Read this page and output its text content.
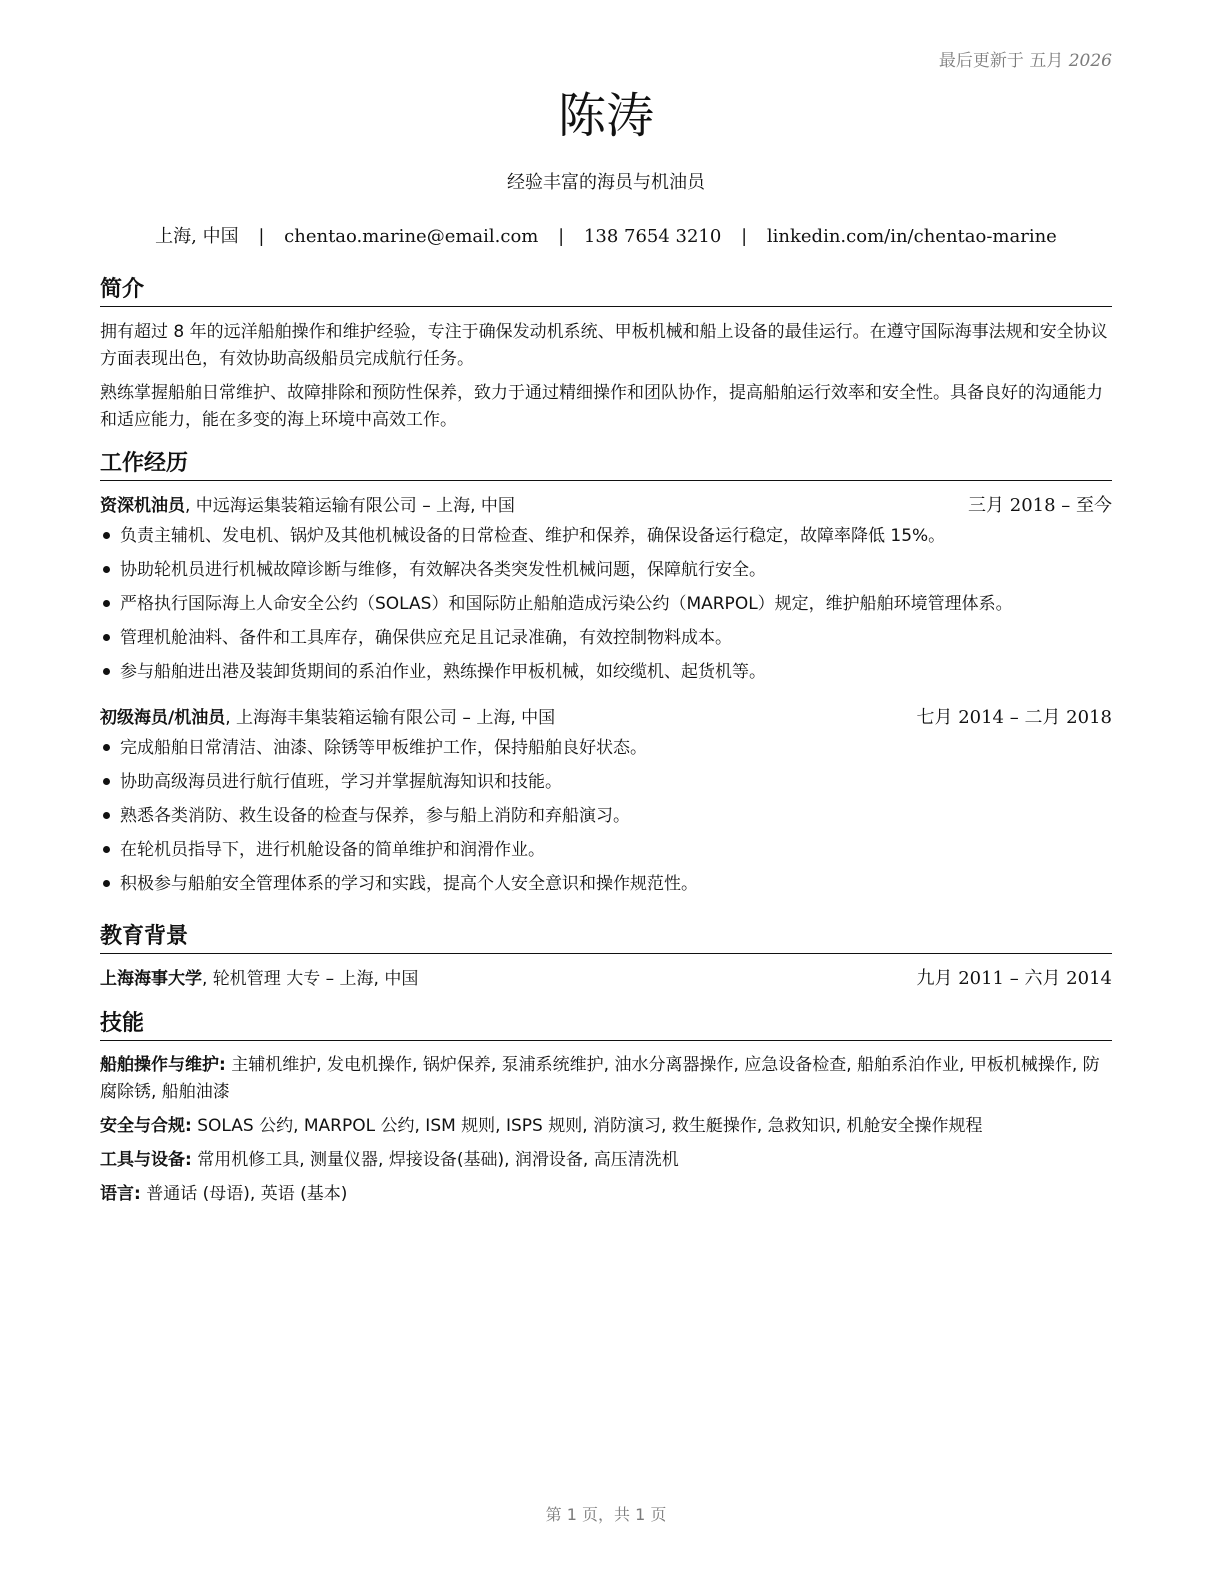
最后更新于 五月 2026
陈涛
经验丰富的海员与机油员
上海, 中国 | chentao.marine@email.com | 138 7654 3210 | linkedin.com/in/chentao-marine
简介

拥有超过 8 年的远洋船舶操作和维护经验，专注于确保发动机系统、甲板机械和船上设备的最佳运行。在遵守国际海事法规和安全协议方面表现出色，有效协助高级船员完成航行任务。

熟练掌握船舶日常维护、故障排除和预防性保养，致力于通过精细操作和团队协作，提高船舶运行效率和安全性。具备良好的沟通能力和适应能力，能在多变的海上环境中高效工作。

工作经历
资深机油员, 中远海运集装箱运输有限公司 – 上海, 中国	三月 2018 – 至今
负责主辅机、发电机、锅炉及其他机械设备的日常检查、维护和保养，确保设备运行稳定，故障率降低 15%。
协助轮机员进行机械故障诊断与维修，有效解决各类突发性机械问题，保障航行安全。
严格执行国际海上人命安全公约（SOLAS）和国际防止船舶造成污染公约（MARPOL）规定，维护船舶环境管理体系。
管理机舱油料、备件和工具库存，确保供应充足且记录准确，有效控制物料成本。
参与船舶进出港及装卸货期间的系泊作业，熟练操作甲板机械，如绞缆机、起货机等。
初级海员/机油员, 上海海丰集装箱运输有限公司 – 上海, 中国	七月 2014 – 二月 2018
完成船舶日常清洁、油漆、除锈等甲板维护工作，保持船舶良好状态。
协助高级海员进行航行值班，学习并掌握航海知识和技能。
熟悉各类消防、救生设备的检查与保养，参与船上消防和弃船演习。
在轮机员指导下，进行机舱设备的简单维护和润滑作业。
积极参与船舶安全管理体系的学习和实践，提高个人安全意识和操作规范性。
教育背景
上海海事大学, 轮机管理 大专 – 上海, 中国	九月 2011 – 六月 2014
技能

船舶操作与维护: 主辅机维护, 发电机操作, 锅炉保养, 泵浦系统维护, 油水分离器操作, 应急设备检查, 船舶系泊作业, 甲板机械操作, 防腐除锈, 船舶油漆

安全与合规: SOLAS 公约, MARPOL 公约, ISM 规则, ISPS 规则, 消防演习, 救生艇操作, 急救知识, 机舱安全操作规程

工具与设备: 常用机修工具, 测量仪器, 焊接设备(基础), 润滑设备, 高压清洗机

语言: 普通话 (母语), 英语 (基本)

第 1 页，共 1 页
